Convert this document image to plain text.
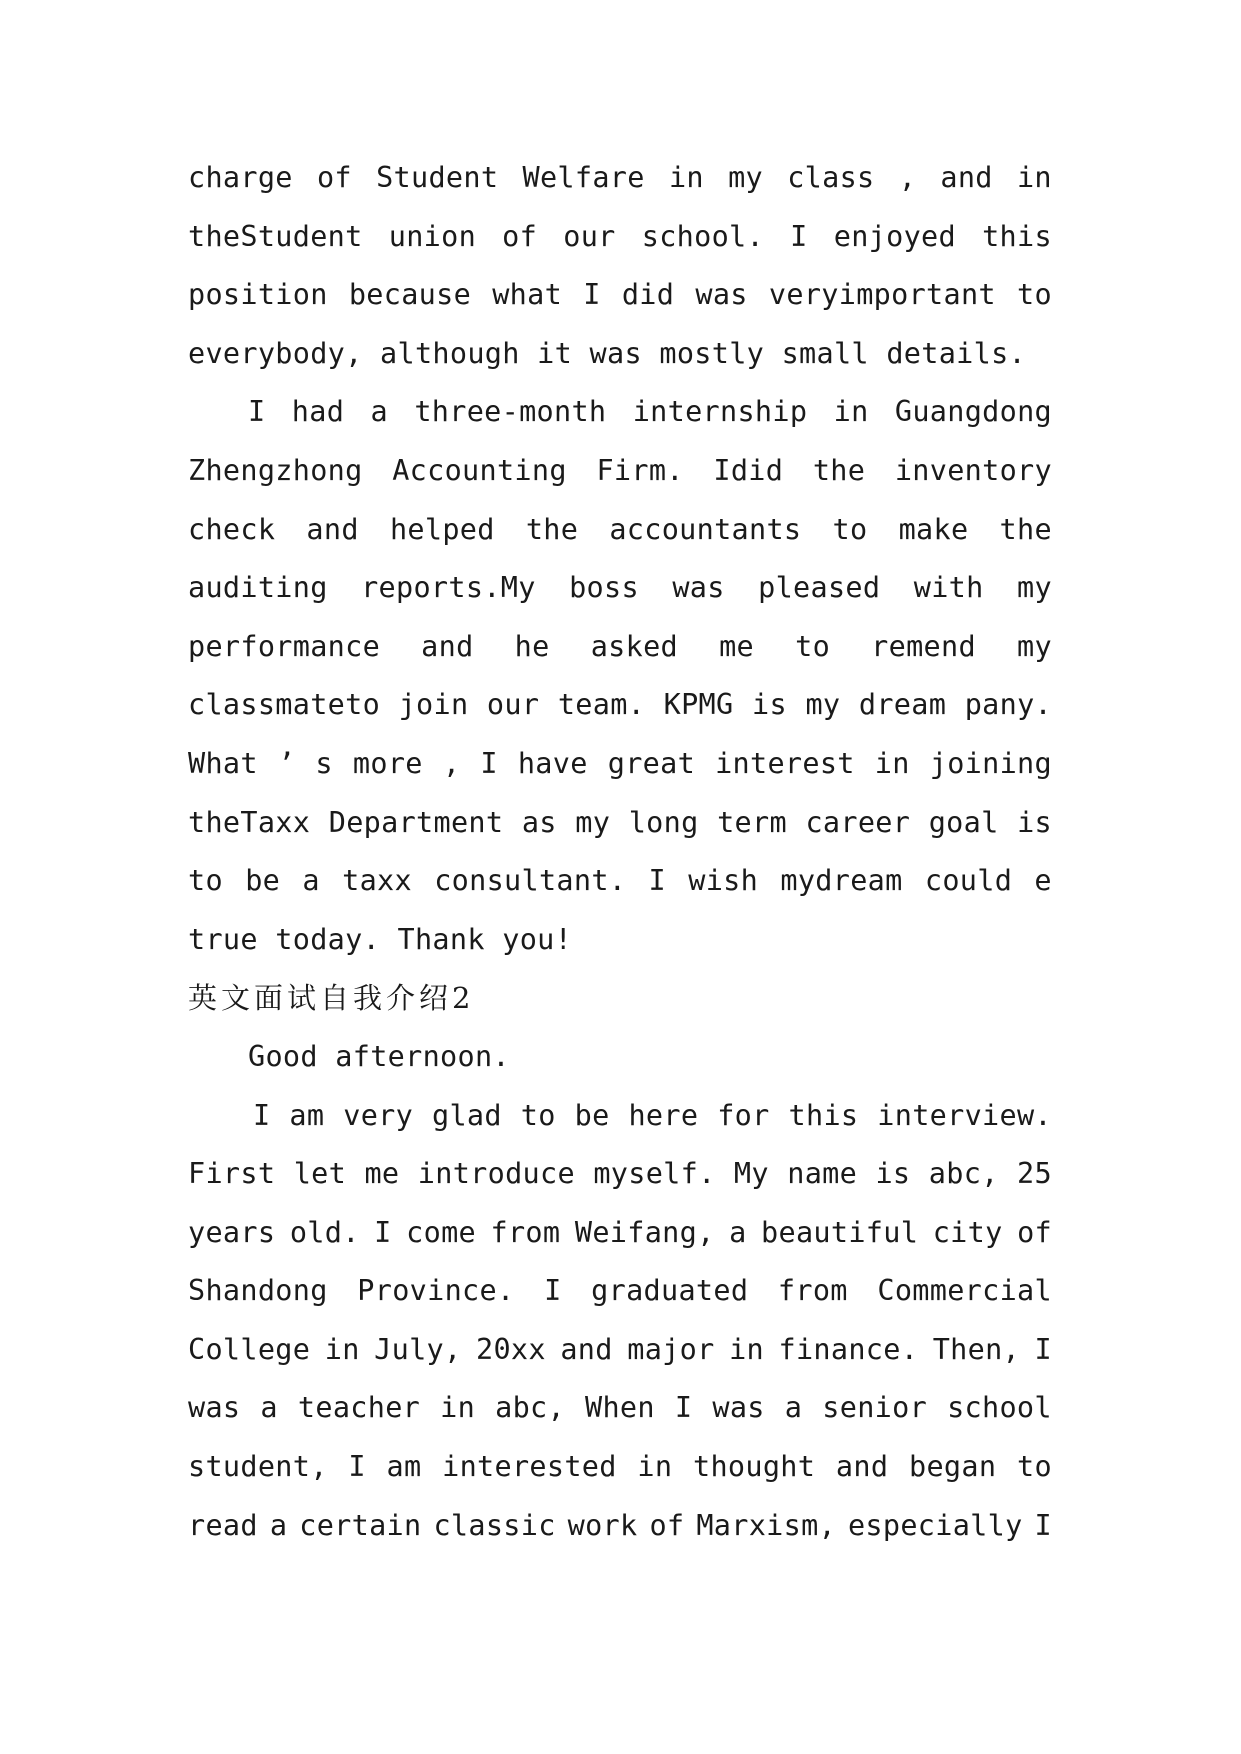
charge of Student Welfare in my class , and in
theStudent union of our school. I enjoyed this
position because what I did was veryimportant to
everybody, although it was mostly small details.
I had a three-month internship in Guangdong
Zhengzhong Accounting Firm. Idid the inventory
check and helped the accountants to make the
auditing reports.My boss was pleased with my
performance and he asked me to remend my
classmateto join our team. KPMG is my dream pany.
What ’ s more , I have great interest in joining
theTaxx Department as my long term career goal is
to be a taxx consultant. I wish mydream could e
true today. Thank you!
英文面试自我介绍2
Good afternoon.
I am very glad to be here for this interview.
First let me introduce myself. My name is abc, 25
years old. I come from Weifang, a beautiful city of
Shandong Province. I graduated from Commercial
College in July, 20xx and major in finance. Then, I
was a teacher in abc, When I was a senior school
student, I am interested in thought and began to
read a certain classic work of Marxism, especially I
